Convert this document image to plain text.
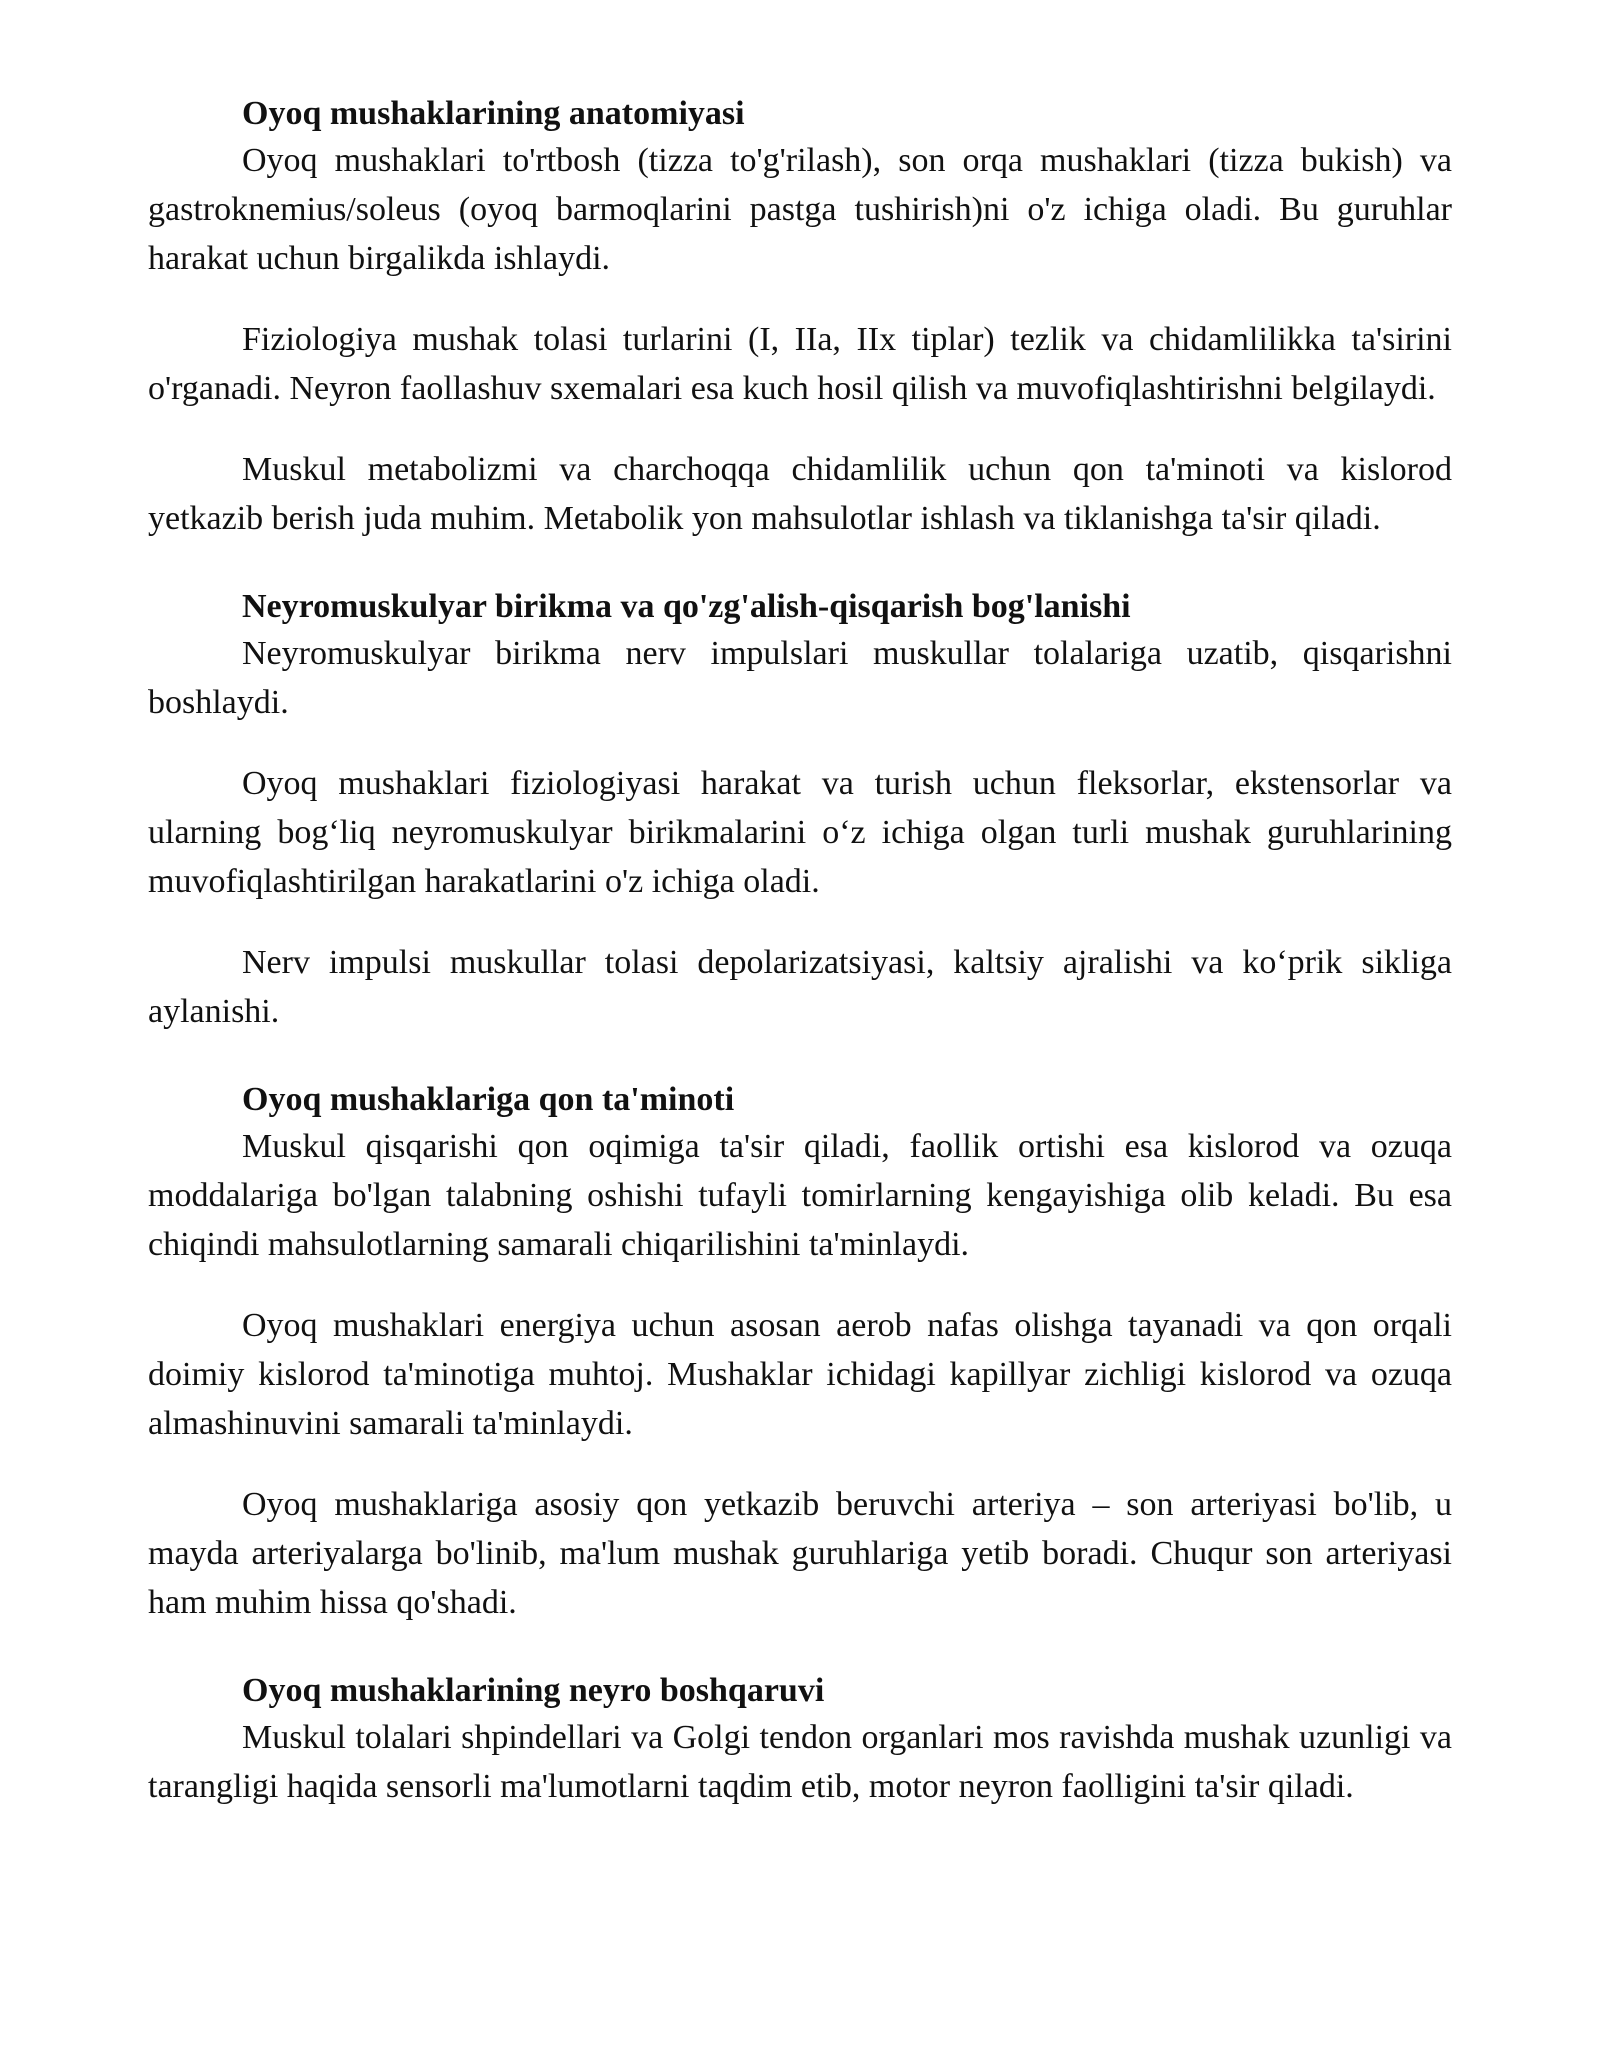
Oyoq mushaklarining anatomiyasi

Oyoq mushaklari to'rtbosh (tizza to'g'rilash), son orqa mushaklari (tizza bukish) va gastroknemius/soleus (oyoq barmoqlarini pastga tushirish)ni o'z ichiga oladi. Bu guruhlar harakat uchun birgalikda ishlaydi.

Fiziologiya mushak tolasi turlarini (I, IIa, IIx tiplar) tezlik va chidamlilikka ta'sirini o'rganadi. Neyron faollashuv sxemalari esa kuch hosil qilish va muvofiqlashtirishni belgilaydi.

Muskul metabolizmi va charchoqqa chidamlilik uchun qon ta'minoti va kislorod yetkazib berish juda muhim. Metabolik yon mahsulotlar ishlash va tiklanishga ta'sir qiladi.

Neyromuskulyar birikma va qo'zg'alish-qisqarish bog'lanishi

Neyromuskulyar birikma nerv impulslari muskullar tolalariga uzatib, qisqarishni boshlaydi.

Oyoq mushaklari fiziologiyasi harakat va turish uchun fleksorlar, ekstensorlar va ularning bog‘liq neyromuskulyar birikmalarini o‘z ichiga olgan turli mushak guruhlarining muvofiqlashtirilgan harakatlarini o'z ichiga oladi.

Nerv impulsi muskullar tolasi depolarizatsiyasi, kaltsiy ajralishi va ko‘prik sikliga aylanishi.

Oyoq mushaklariga qon ta'minoti

Muskul qisqarishi qon oqimiga ta'sir qiladi, faollik ortishi esa kislorod va ozuqa moddalariga bo'lgan talabning oshishi tufayli tomirlarning kengayishiga olib keladi. Bu esa chiqindi mahsulotlarning samarali chiqarilishini ta'minlaydi.

Oyoq mushaklari energiya uchun asosan aerob nafas olishga tayanadi va qon orqali doimiy kislorod ta'minotiga muhtoj. Mushaklar ichidagi kapillyar zichligi kislorod va ozuqa almashinuvini samarali ta'minlaydi.

Oyoq mushaklariga asosiy qon yetkazib beruvchi arteriya – son arteriyasi bo'lib, u mayda arteriyalarga bo'linib, ma'lum mushak guruhlariga yetib boradi. Chuqur son arteriyasi ham muhim hissa qo'shadi.

Oyoq mushaklarining neyro boshqaruvi

Muskul tolalari shpindellari va Golgi tendon organlari mos ravishda mushak uzunligi va tarangligi haqida sensorli ma'lumotlarni taqdim etib, motor neyron faolligini ta'sir qiladi.
